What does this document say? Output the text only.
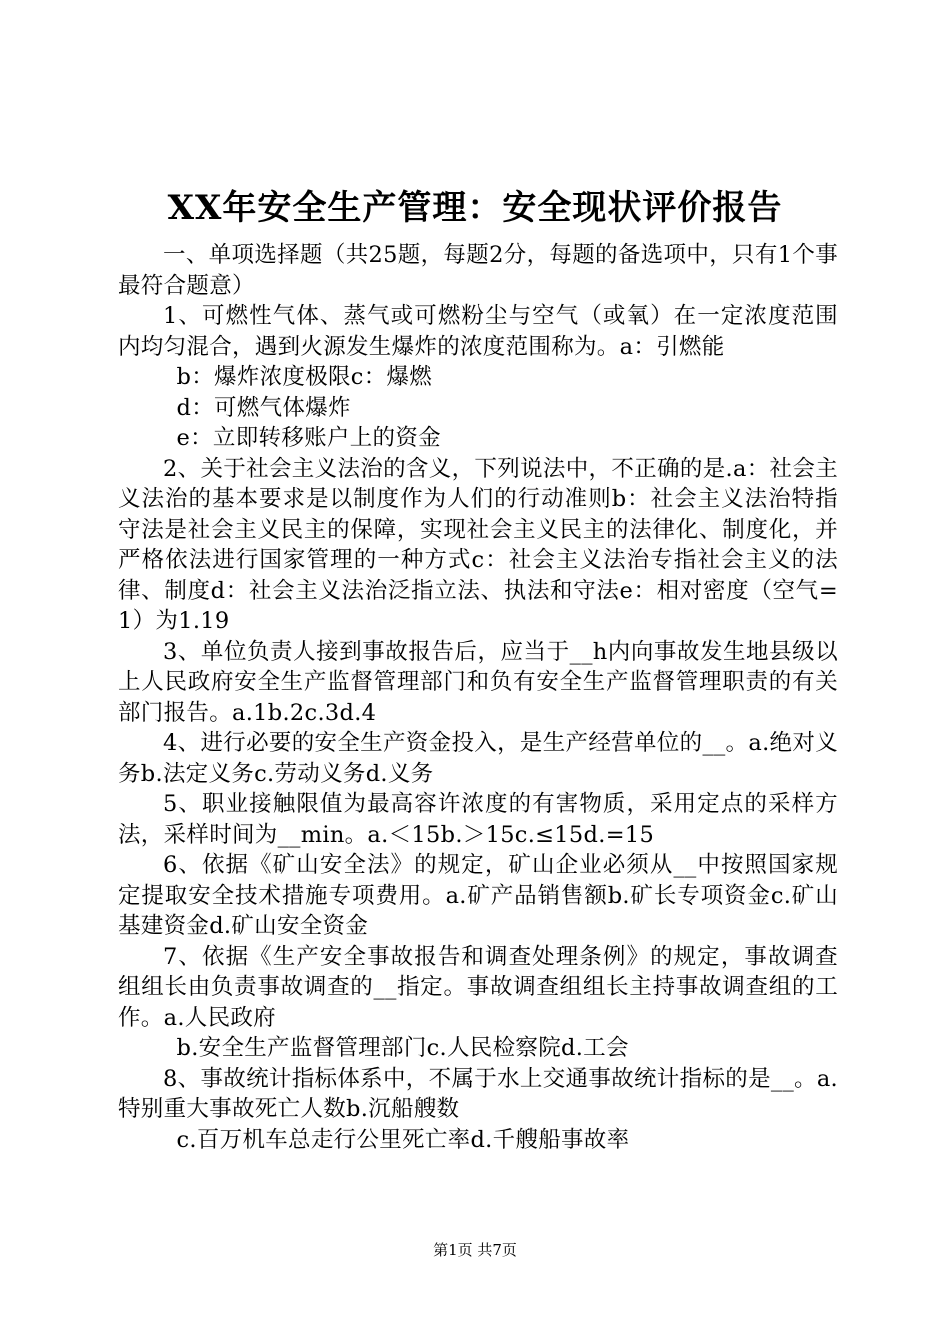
XX年安全生产管理：安全现状评价报告

一、单项选择题（共25题，每题2分，每题的备选项中，只有1个事最符合题意）

1、可燃性气体、蒸气或可燃粉尘与空气（或氧）在一定浓度范围内均匀混合，遇到火源发生爆炸的浓度范围称为。a：引燃能

b：爆炸浓度极限c：爆燃

d：可燃气体爆炸

e：立即转移账户上的资金

2、关于社会主义法治的含义，下列说法中，不正确的是.a：社会主义法治的基本要求是以制度作为人们的行动准则b：社会主义法治特指守法是社会主义民主的保障，实现社会主义民主的法律化、制度化，并严格依法进行国家管理的一种方式c：社会主义法治专指社会主义的法律、制度d：社会主义法治泛指立法、执法和守法e：相对密度（空气=1）为1.19

3、单位负责人接到事故报告后，应当于__h内向事故发生地县级以上人民政府安全生产监督管理部门和负有安全生产监督管理职责的有关部门报告。a.1b.2c.3d.4

4、进行必要的安全生产资金投入，是生产经营单位的__。a.绝对义务b.法定义务c.劳动义务d.义务

5、职业接触限值为最高容许浓度的有害物质，采用定点的采样方法，采样时间为__min。a.＜15b.＞15c.≤15d.=15

6、依据《矿山安全法》的规定，矿山企业必须从__中按照国家规定提取安全技术措施专项费用。a.矿产品销售额b.矿长专项资金c.矿山基建资金d.矿山安全资金

7、依据《生产安全事故报告和调查处理条例》的规定，事故调查组组长由负责事故调查的__指定。事故调查组组长主持事故调查组的工作。a.人民政府

b.安全生产监督管理部门c.人民检察院d.工会

8、事故统计指标体系中，不属于水上交通事故统计指标的是__。a.特别重大事故死亡人数b.沉船艘数

c.百万机车总走行公里死亡率d.千艘船事故率

第1页 共7页
